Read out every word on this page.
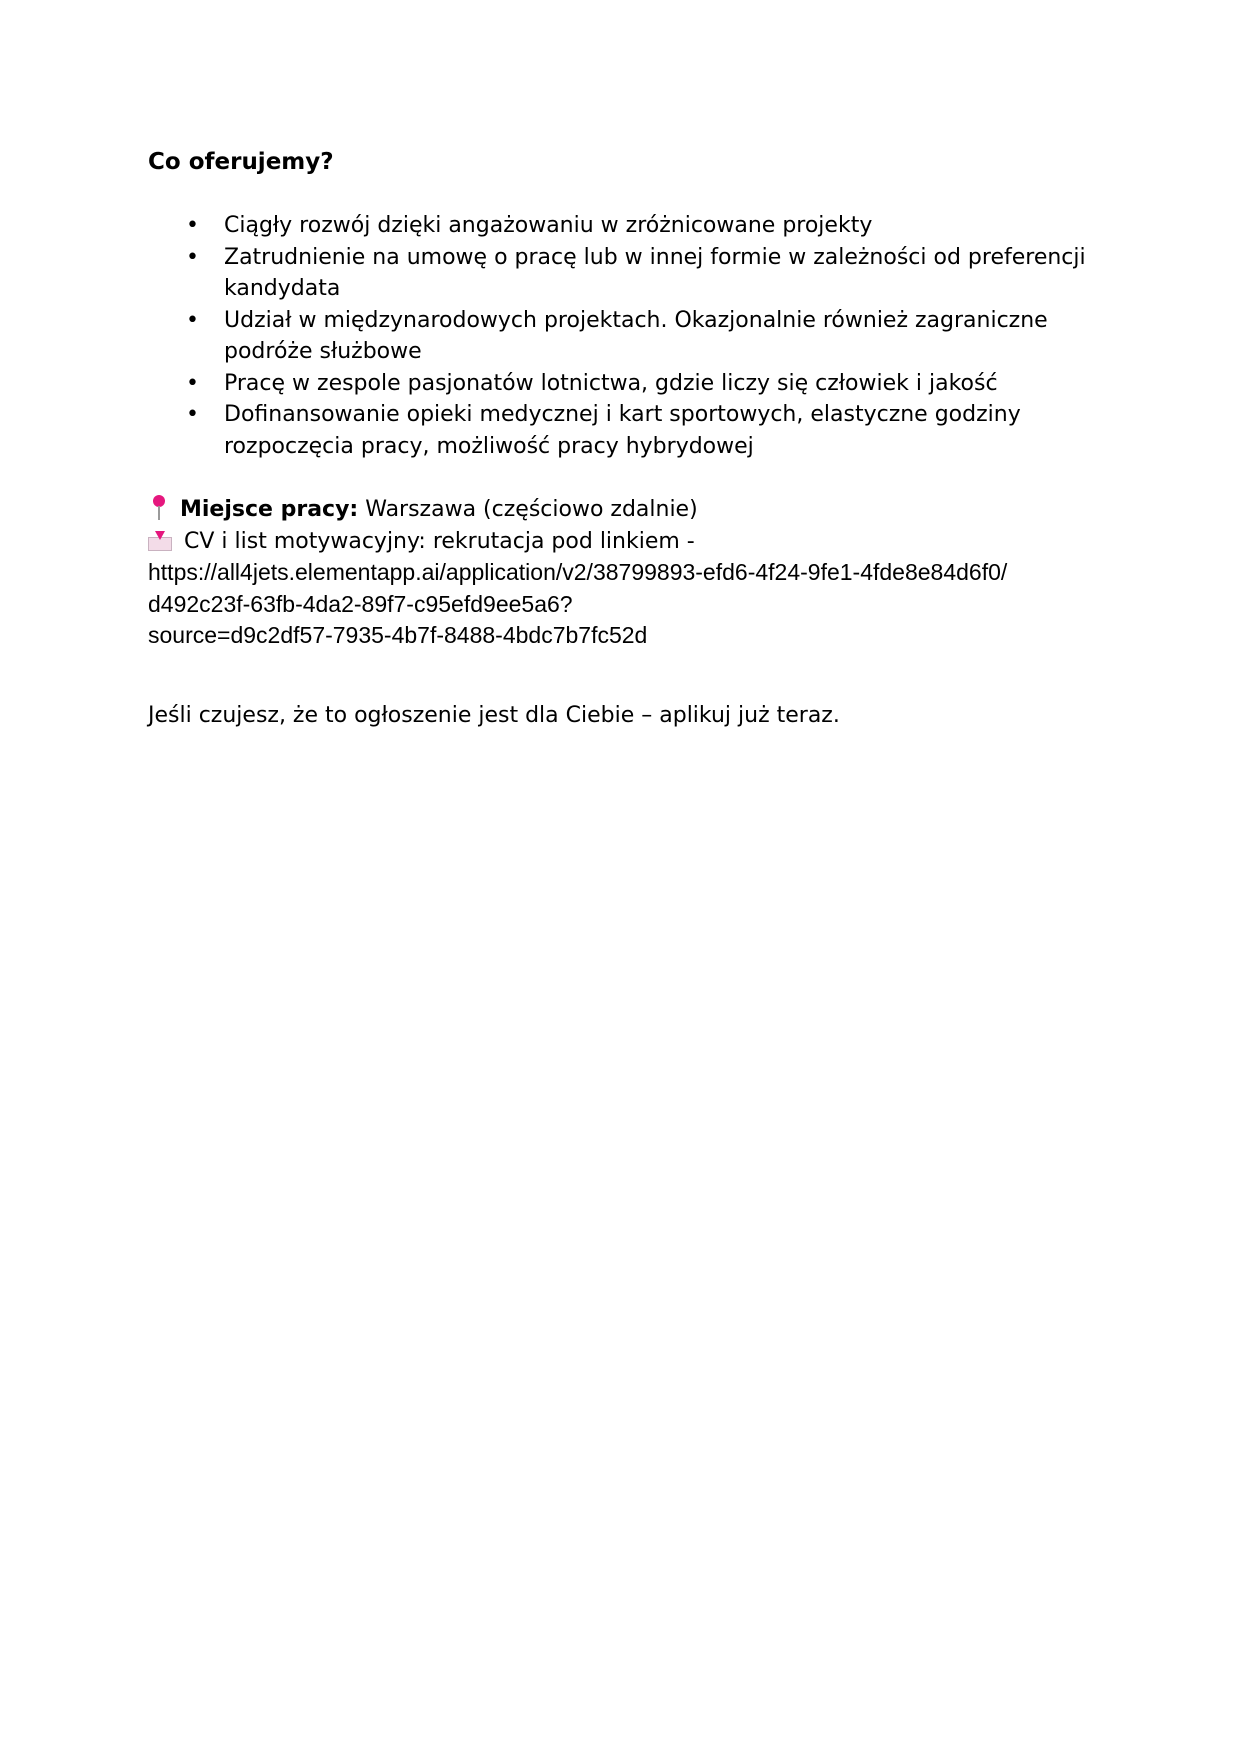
Co oferujemy?

• Ciągły rozwój dzięki angażowaniu w zróżnicowane projekty
• Zatrudnienie na umowę o pracę lub w innej formie w zależności od preferencji
kandydata
• Udział w międzynarodowych projektach. Okazjonalnie również zagraniczne
podróże służbowe
• Pracę w zespole pasjonatów lotnictwa, gdzie liczy się człowiek i jakość
• Dofinansowanie opieki medycznej i kart sportowych, elastyczne godziny
rozpoczęcia pracy, możliwość pracy hybrydowej
Miejsce pracy: Warszawa (częściowo zdalnie)
CV i list motywacyjny: rekrutacja pod linkiem -
https://all4jets.elementapp.ai/application/v2/38799893-efd6-4f24-9fe1-4fde8e84d6f0/
d492c23f-63fb-4da2-89f7-c95efd9ee5a6?
source=d9c2df57-7935-4b7f-8488-4bdc7b7fc52d

Jeśli czujesz, że to ogłoszenie jest dla Ciebie – aplikuj już teraz.
